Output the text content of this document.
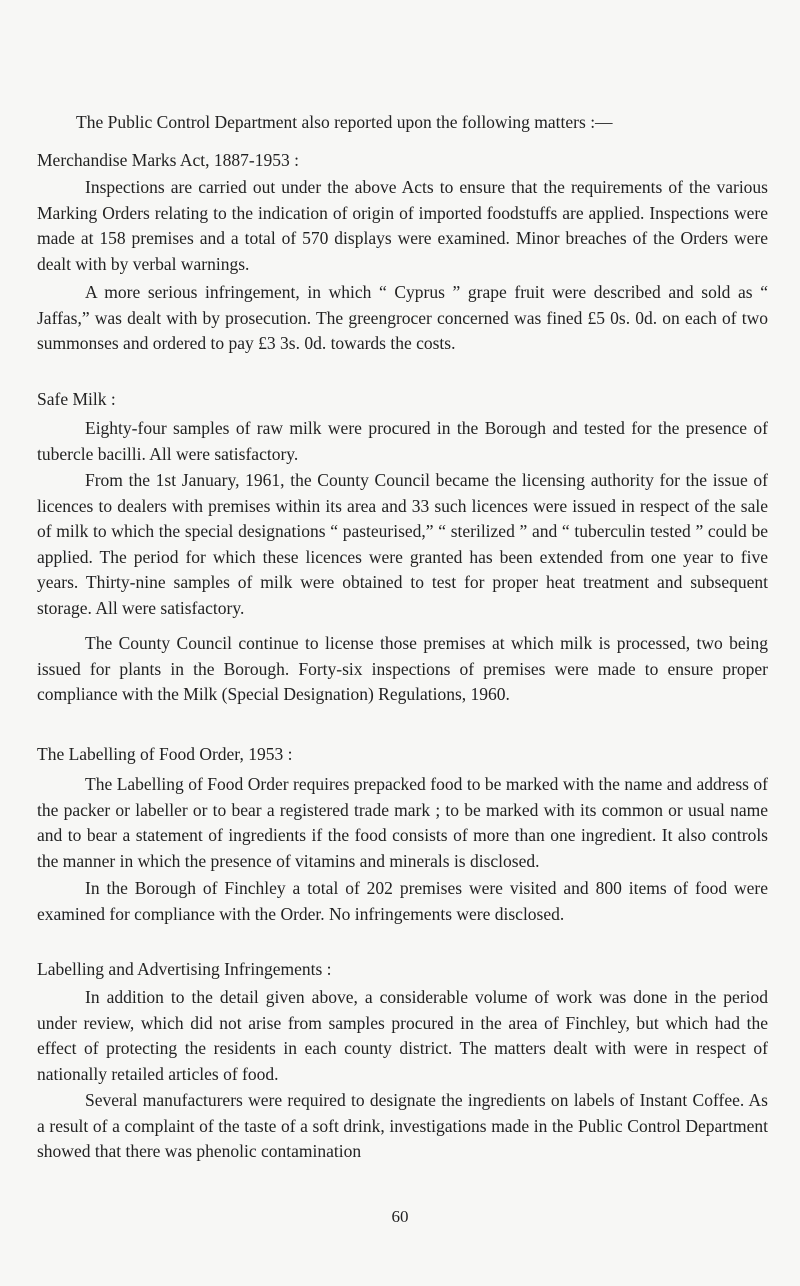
The Public Control Department also reported upon the following matters :—

Merchandise Marks Act, 1887-1953 :

Inspections are carried out under the above Acts to ensure that the requirements of the various Marking Orders relating to the indication of origin of imported foodstuffs are applied. Inspections were made at 158 premises and a total of 570 displays were examined. Minor breaches of the Orders were dealt with by verbal warnings.

A more serious infringement, in which “ Cyprus ” grape fruit were described and sold as “ Jaffas,” was dealt with by prosecution. The greengrocer concerned was fined £5 0s. 0d. on each of two summonses and ordered to pay £3 3s. 0d. towards the costs.

Safe Milk :

Eighty-four samples of raw milk were procured in the Borough and tested for the presence of tubercle bacilli. All were satisfactory.

From the 1st January, 1961, the County Council became the licensing authority for the issue of licences to dealers with premises within its area and 33 such licences were issued in respect of the sale of milk to which the special designations “ pasteurised,” “ sterilized ” and “ tuberculin tested ” could be applied. The period for which these licences were granted has been extended from one year to five years. Thirty-nine samples of milk were obtained to test for proper heat treatment and subsequent storage. All were satisfactory.

The County Council continue to license those premises at which milk is processed, two being issued for plants in the Borough. Forty-six inspections of premises were made to ensure proper compliance with the Milk (Special Designation) Regulations, 1960.

The Labelling of Food Order, 1953 :

The Labelling of Food Order requires prepacked food to be marked with the name and address of the packer or labeller or to bear a registered trade mark ; to be marked with its common or usual name and to bear a statement of ingredients if the food consists of more than one ingredient. It also controls the manner in which the presence of vitamins and minerals is disclosed.

In the Borough of Finchley a total of 202 premises were visited and 800 items of food were examined for compliance with the Order. No infringements were disclosed.

Labelling and Advertising Infringements :

In addition to the detail given above, a considerable volume of work was done in the period under review, which did not arise from samples procured in the area of Finchley, but which had the effect of protecting the residents in each county district. The matters dealt with were in respect of nationally retailed articles of food.

Several manufacturers were required to designate the ingredients on labels of Instant Coffee. As a result of a complaint of the taste of a soft drink, investigations made in the Public Control Department showed that there was phenolic contamination

60
